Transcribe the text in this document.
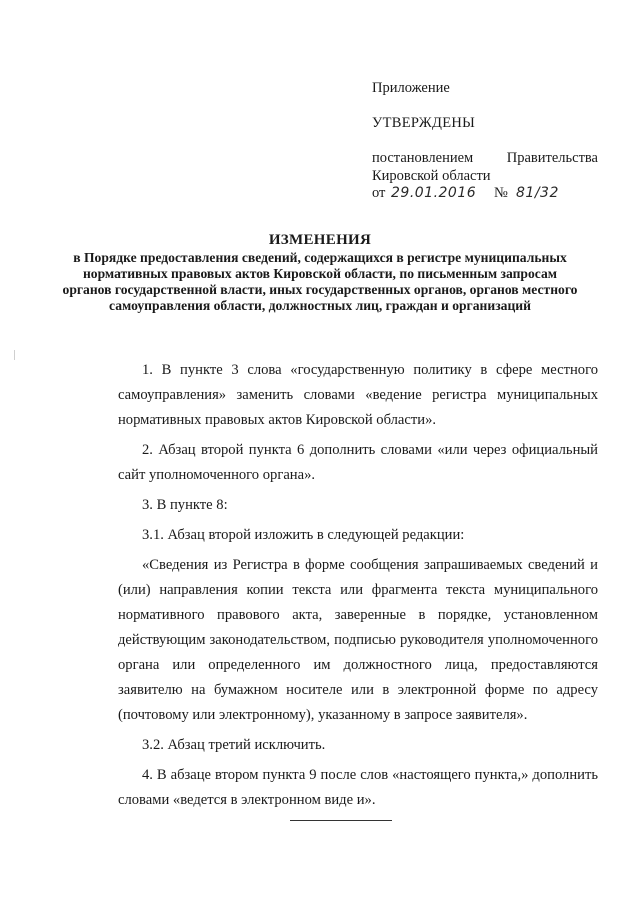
Приложение
УТВЕРЖДЕНЫ
постановлением Правительства
Кировской области
от 29.01.2016 № 81/32
ИЗМЕНЕНИЯ
в Порядке предоставления сведений, содержащихся в регистре муниципальных нормативных правовых актов Кировской области, по письменным запросам органов государственной власти, иных государственных органов, органов местного самоуправления области, должностных лиц, граждан и организаций

1. В пункте 3 слова «государственную политику в сфере местного самоуправления» заменить словами «ведение регистра муниципальных нормативных правовых актов Кировской области».

2. Абзац второй пункта 6 дополнить словами «или через официальный сайт уполномоченного органа».

3. В пункте 8:

3.1. Абзац второй изложить в следующей редакции:

«Сведения из Регистра в форме сообщения запрашиваемых сведений и (или) направления копии текста или фрагмента текста муниципального нормативного правового акта, заверенные в порядке, установленном действующим законодательством, подписью руководителя уполномоченного органа или определенного им должностного лица, предоставляются заявителю на бумажном носителе или в электронной форме по адресу (почтовому или электронному), указанному в запросе заявителя».

3.2. Абзац третий исключить.

4. В абзаце втором пункта 9 после слов «настоящего пункта,» дополнить словами «ведется в электронном виде и».
